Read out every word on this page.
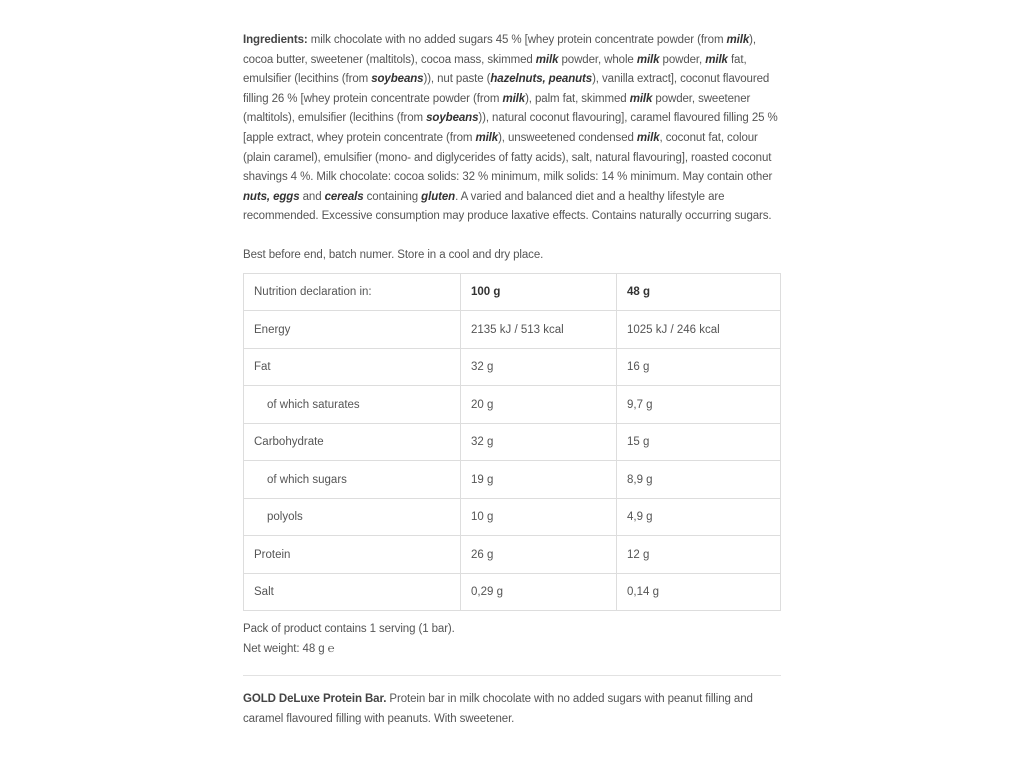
Ingredients: milk chocolate with no added sugars 45 % [whey protein concentrate powder (from milk), cocoa butter, sweetener (maltitols), cocoa mass, skimmed milk powder, whole milk powder, milk fat, emulsifier (lecithins (from soybeans)), nut paste (hazelnuts, peanuts), vanilla extract], coconut flavoured filling 26 % [whey protein concentrate powder (from milk), palm fat, skimmed milk powder, sweetener (maltitols), emulsifier (lecithins (from soybeans)), natural coconut flavouring], caramel flavoured filling 25 % [apple extract, whey protein concentrate (from milk), unsweetened condensed milk, coconut fat, colour (plain caramel), emulsifier (mono- and diglycerides of fatty acids), salt, natural flavouring], roasted coconut shavings 4 %. Milk chocolate: cocoa solids: 32 % minimum, milk solids: 14 % minimum. May contain other nuts, eggs and cereals containing gluten. A varied and balanced diet and a healthy lifestyle are recommended. Excessive consumption may produce laxative effects. Contains naturally occurring sugars.

Best before end, batch numer. Store in a cool and dry place.

Nutrition declaration in:	100 g	48 g
Energy	2135 kJ / 513 kcal	1025 kJ / 246 kcal
Fat	32 g	16 g
of which saturates	20 g	9,7 g
Carbohydrate	32 g	15 g
of which sugars	19 g	8,9 g
polyols	10 g	4,9 g
Protein	26 g	12 g
Salt	0,29 g	0,14 g

Pack of product contains 1 serving (1 bar).
Net weight: 48 g ℮

GOLD DeLuxe Protein Bar. Protein bar in milk chocolate with no added sugars with peanut filling and caramel flavoured filling with peanuts. With sweetener.
